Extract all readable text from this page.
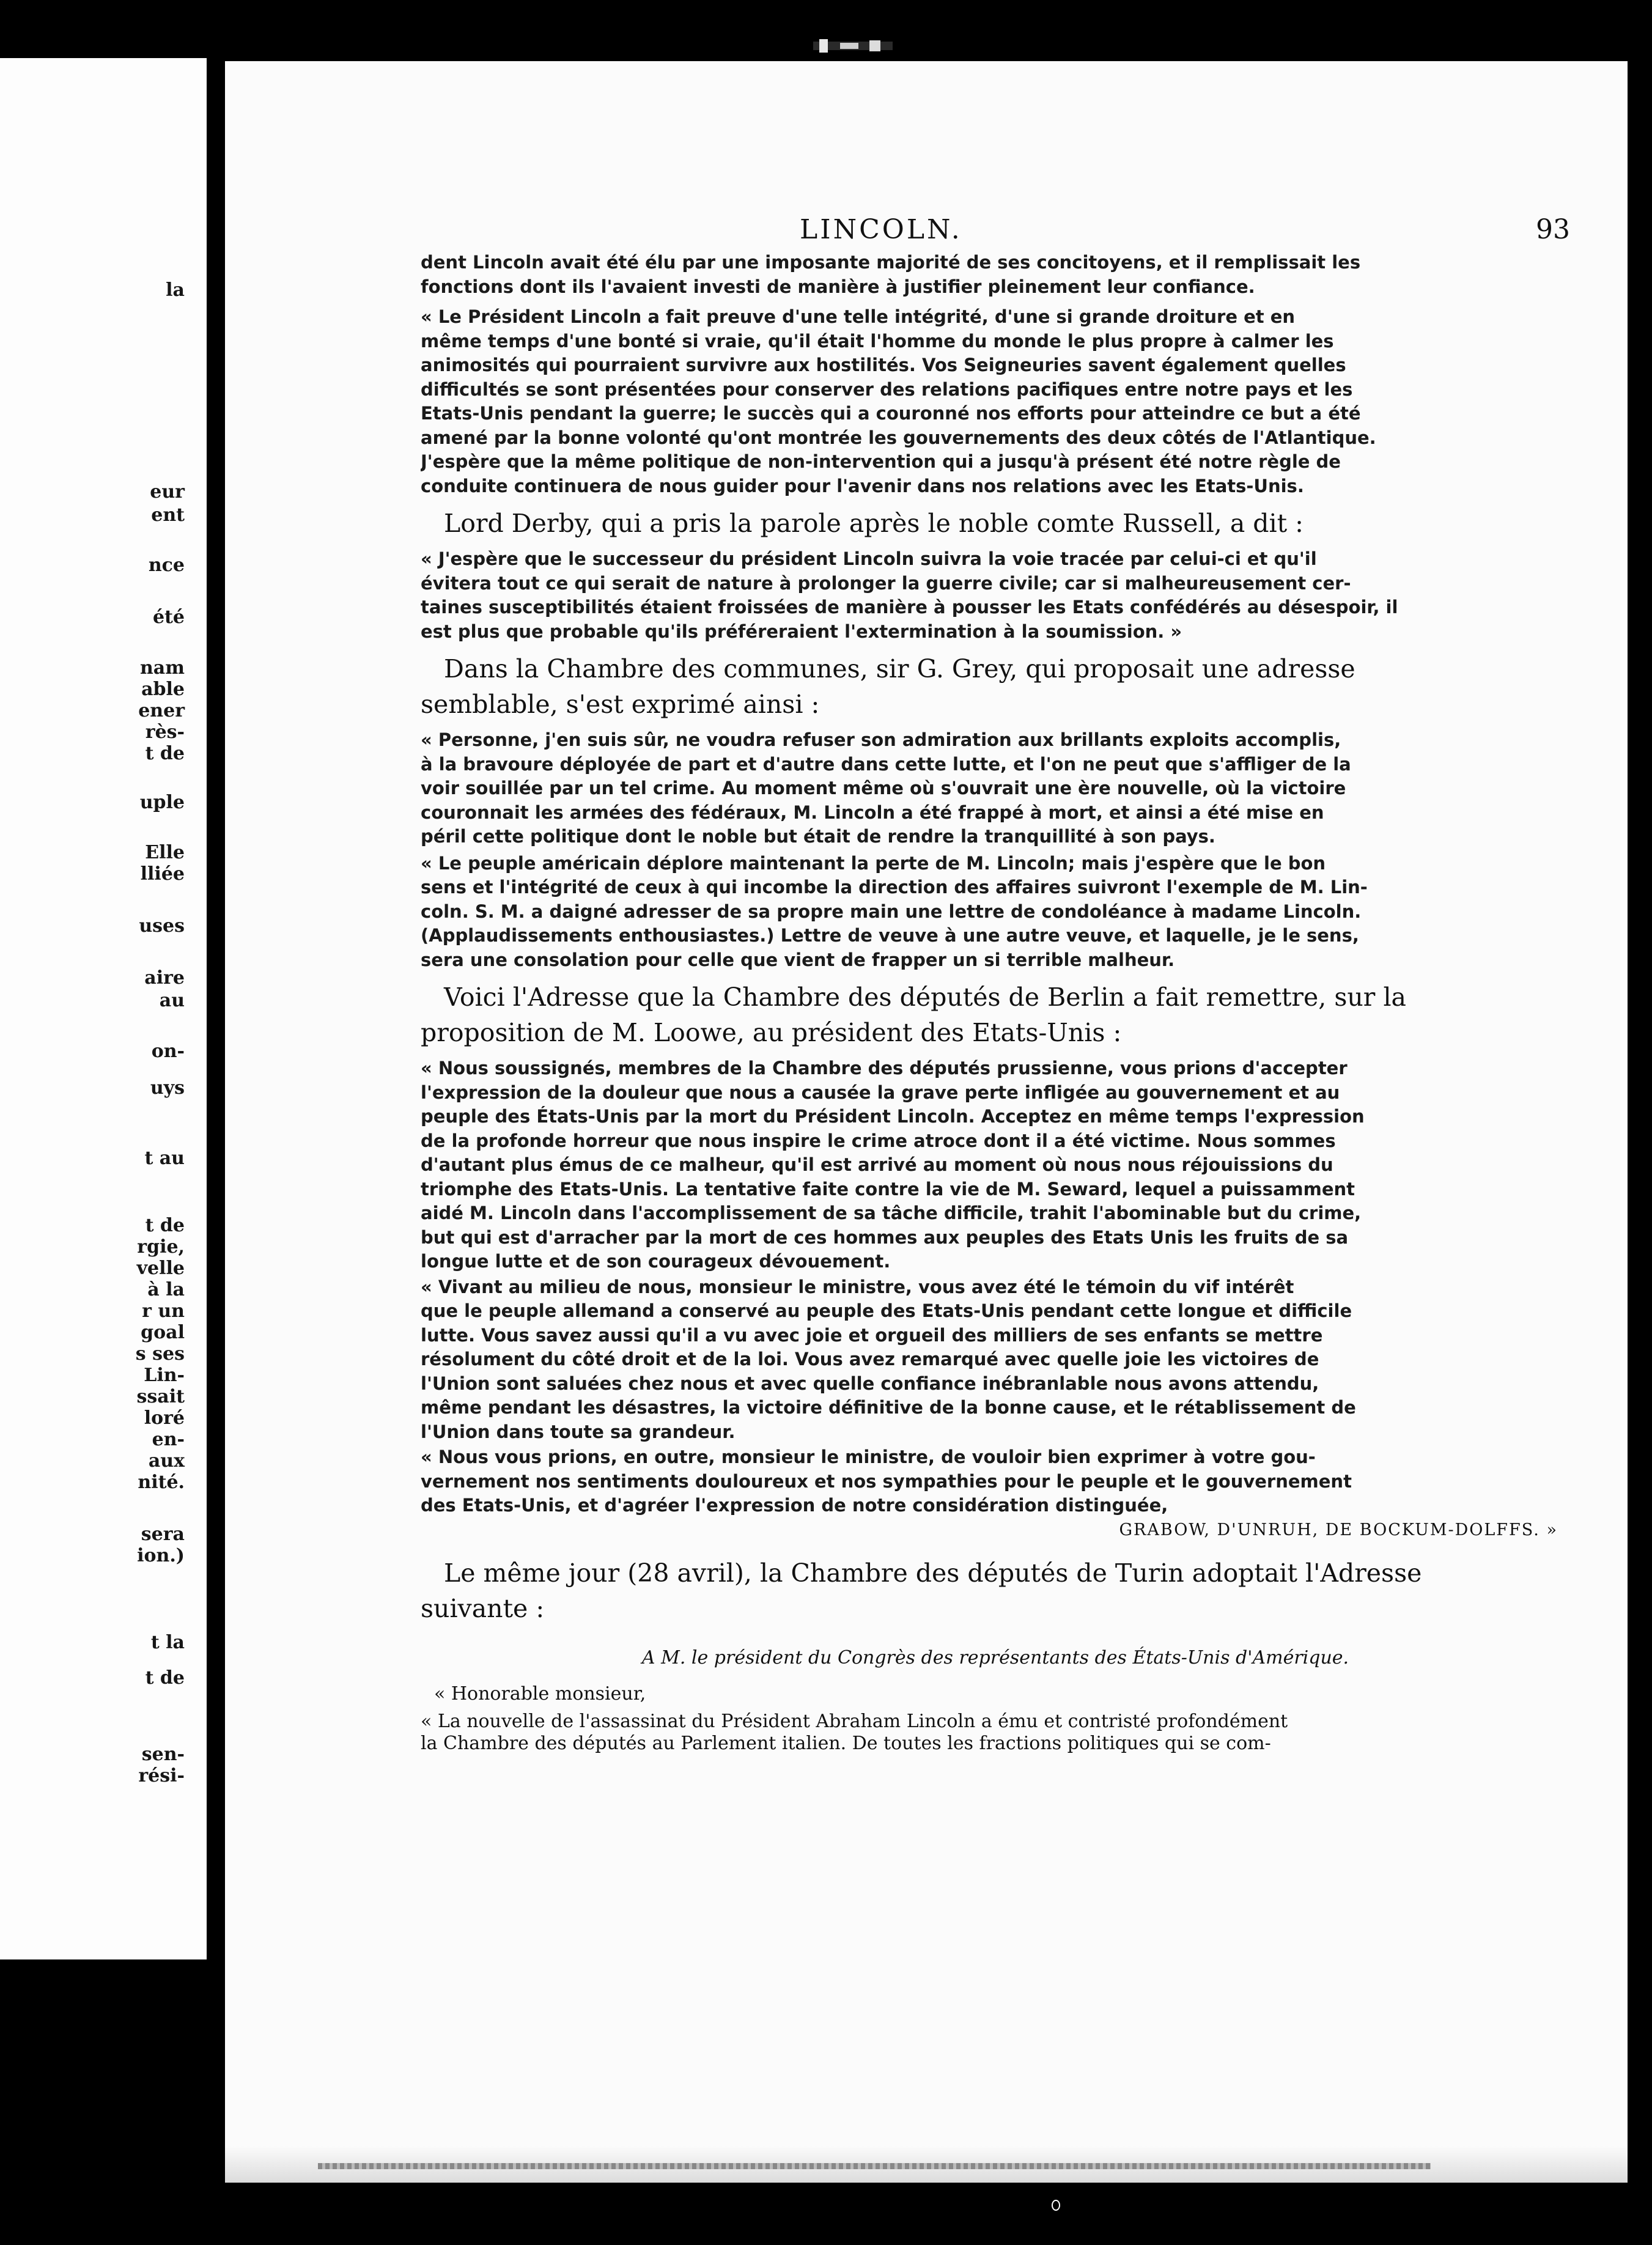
la
eur
ent
nce
été
nam
able
ener
rès-
t de
uple
Elle
lliée
uses
aire
au
on-
uys
t au
t de
rgie,
velle
à la
r un
goal
s ses
Lin-
ssait
loré
en-
aux
nité.
sera
ion.)
t la
t de
sen-
rési-
LINCOLN.	93

dent Lincoln avait été élu par une imposante majorité de ses concitoyens, et il remplissait les

fonctions dont ils l'avaient investi de manière à justifier pleinement leur confiance.

« Le Président Lincoln a fait preuve d'une telle intégrité, d'une si grande droiture et en

même temps d'une bonté si vraie, qu'il était l'homme du monde le plus propre à calmer les

animosités qui pourraient survivre aux hostilités. Vos Seigneuries savent également quelles

difficultés se sont présentées pour conserver des relations pacifiques entre notre pays et les

Etats-Unis pendant la guerre; le succès qui a couronné nos efforts pour atteindre ce but a été

amené par la bonne volonté qu'ont montrée les gouvernements des deux côtés de l'Atlantique.

J'espère que la même politique de non-intervention qui a jusqu'à présent été notre règle de

conduite continuera de nous guider pour l'avenir dans nos relations avec les Etats-Unis.

Lord Derby, qui a pris la parole après le noble comte Russell, a dit :

« J'espère que le successeur du président Lincoln suivra la voie tracée par celui-ci et qu'il

évitera tout ce qui serait de nature à prolonger la guerre civile; car si malheureusement cer-

taines susceptibilités étaient froissées de manière à pousser les Etats confédérés au désespoir, il

est plus que probable qu'ils préféreraient l'extermination à la soumission. »

Dans la Chambre des communes, sir G. Grey, qui proposait une adresse

semblable, s'est exprimé ainsi :

« Personne, j'en suis sûr, ne voudra refuser son admiration aux brillants exploits accomplis,

à la bravoure déployée de part et d'autre dans cette lutte, et l'on ne peut que s'affliger de la

voir souillée par un tel crime. Au moment même où s'ouvrait une ère nouvelle, où la victoire

couronnait les armées des fédéraux, M. Lincoln a été frappé à mort, et ainsi a été mise en

péril cette politique dont le noble but était de rendre la tranquillité à son pays.

« Le peuple américain déplore maintenant la perte de M. Lincoln; mais j'espère que le bon

sens et l'intégrité de ceux à qui incombe la direction des affaires suivront l'exemple de M. Lin-

coln. S. M. a daigné adresser de sa propre main une lettre de condoléance à madame Lincoln.

(Applaudissements enthousiastes.) Lettre de veuve à une autre veuve, et laquelle, je le sens,

sera une consolation pour celle que vient de frapper un si terrible malheur.

Voici l'Adresse que la Chambre des députés de Berlin a fait remettre, sur la

proposition de M. Loowe, au président des Etats-Unis :

« Nous soussignés, membres de la Chambre des députés prussienne, vous prions d'accepter

l'expression de la douleur que nous a causée la grave perte infligée au gouvernement et au

peuple des États-Unis par la mort du Président Lincoln. Acceptez en même temps l'expression

de la profonde horreur que nous inspire le crime atroce dont il a été victime. Nous sommes

d'autant plus émus de ce malheur, qu'il est arrivé au moment où nous nous réjouissions du

triomphe des Etats-Unis. La tentative faite contre la vie de M. Seward, lequel a puissamment

aidé M. Lincoln dans l'accomplissement de sa tâche difficile, trahit l'abominable but du crime,

but qui est d'arracher par la mort de ces hommes aux peuples des Etats Unis les fruits de sa

longue lutte et de son courageux dévouement.

« Vivant au milieu de nous, monsieur le ministre, vous avez été le témoin du vif intérêt

que le peuple allemand a conservé au peuple des Etats-Unis pendant cette longue et difficile

lutte. Vous savez aussi qu'il a vu avec joie et orgueil des milliers de ses enfants se mettre

résolument du côté droit et de la loi. Vous avez remarqué avec quelle joie les victoires de

l'Union sont saluées chez nous et avec quelle confiance inébranlable nous avons attendu,

même pendant les désastres, la victoire définitive de la bonne cause, et le rétablissement de

l'Union dans toute sa grandeur.

« Nous vous prions, en outre, monsieur le ministre, de vouloir bien exprimer à votre gou-

vernement nos sentiments douloureux et nos sympathies pour le peuple et le gouvernement

des Etats-Unis, et d'agréer l'expression de notre considération distinguée,

GRABOW, D'UNRUH, DE BOCKUM-DOLFFS. »

Le même jour (28 avril), la Chambre des députés de Turin adoptait l'Adresse

suivante :

A M. le président du Congrès des représentants des États-Unis d'Amérique.

« Honorable monsieur,

« La nouvelle de l'assassinat du Président Abraham Lincoln a ému et contristé profondément

la Chambre des députés au Parlement italien. De toutes les fractions politiques qui se com-
